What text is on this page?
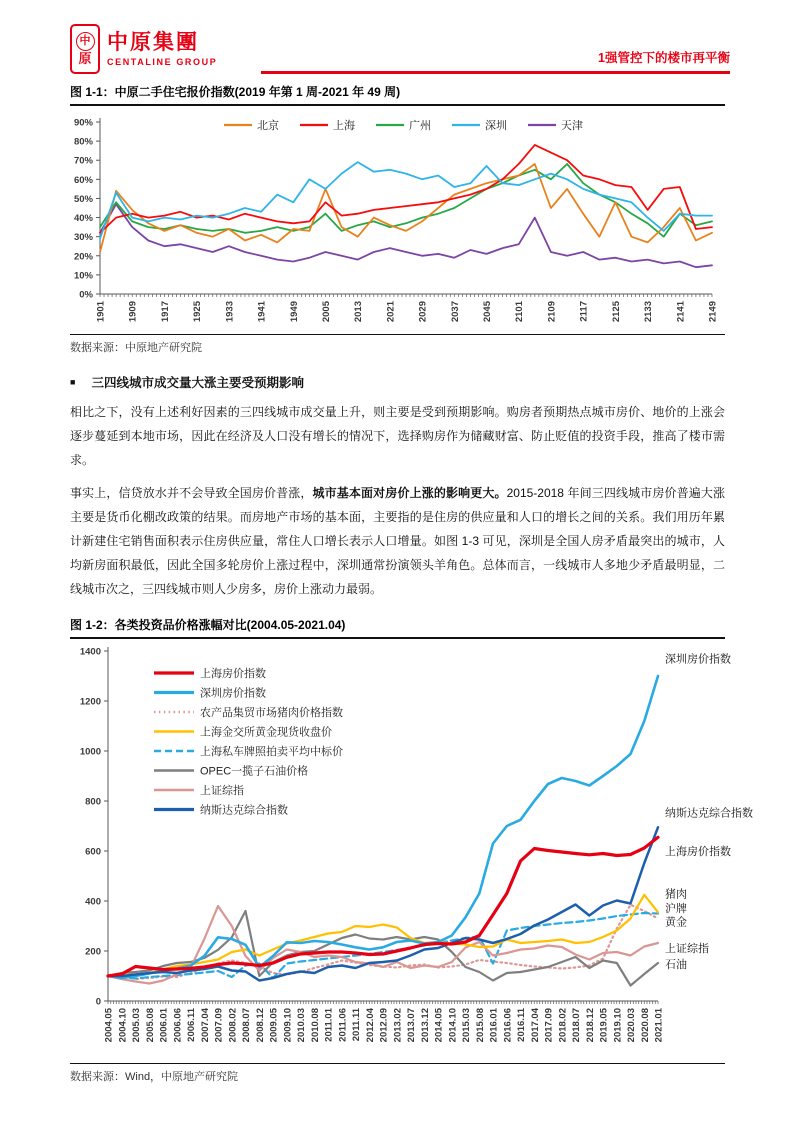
中
原
中原集團
CENTALINE GROUP	1强管控下的楼市再平衡
图 1-1：中原二手住宅报价指数(2019 年第 1 周-2021 年 49 周)
0%
10%
20%
30%
40%
50%
60%
70%
80%
90%
1901 1909 1917 1925 1933 1941 1949 2005 2013 2021 2029 2037 2045 2101 2109 2117 2125 2133 2141 2149
北京	上海	广州	深圳	天津
数据来源：中原地产研究院
■ 三四线城市成交量大涨主要受预期影响

相比之下，没有上述利好因素的三四线城市成交量上升，则主要是受到预期影响。购房者预期热点城市房价、地价的上涨会逐步蔓延到本地市场，因此在经济及人口没有增长的情况下，选择购房作为储藏财富、防止贬值的投资手段，推高了楼市需求。

事实上，信贷放水并不会导致全国房价普涨，城市基本面对房价上涨的影响更大。2015-2018 年间三四线城市房价普遍大涨主要是货币化棚改政策的结果。而房地产市场的基本面，主要指的是住房的供应量和人口的增长之间的关系。我们用历年累计新建住宅销售面积表示住房供应量，常住人口增长表示人口增量。如图 1-3 可见，深圳是全国人房矛盾最突出的城市，人均新房面积最低，因此全国多轮房价上涨过程中，深圳通常扮演领头羊角色。总体而言，一线城市人多地少矛盾最明显，二线城市次之，三四线城市则人少房多，房价上涨动力最弱。

图 1-2：各类投资品价格涨幅对比(2004.05-2021.04)
0
200
400
600
800
1000
1200
1400
2004.05 2004.10 2005.03 2005.08 2006.01 2006.06 2006.11 2007.04 2007.09 2008.02 2008.07 2008.12 2009.05 2009.10 2010.03 2010.08 2011.01 2011.06 2011.11 2012.04 2012.09 2013.02 2013.07 2013.12 2014.05 2014.10 2015.03 2015.08 2016.01 2016.06 2016.11 2017.04 2017.09 2018.02 2018.07 2018.12 2019.05 2019.10 2020.03 2020.08 2021.01
上海房价指数
深圳房价指数
农产品集贸市场猪肉价格指数
上海金交所黄金现货收盘价
上海私车牌照拍卖平均中标价
OPEC一揽子石油价格
上证综指
纳斯达克综合指数
深圳房价指数
纳斯达克综合指数
上海房价指数
猪肉
沪牌
黄金
上证综指
石油
数据来源：Wind，中原地产研究院
